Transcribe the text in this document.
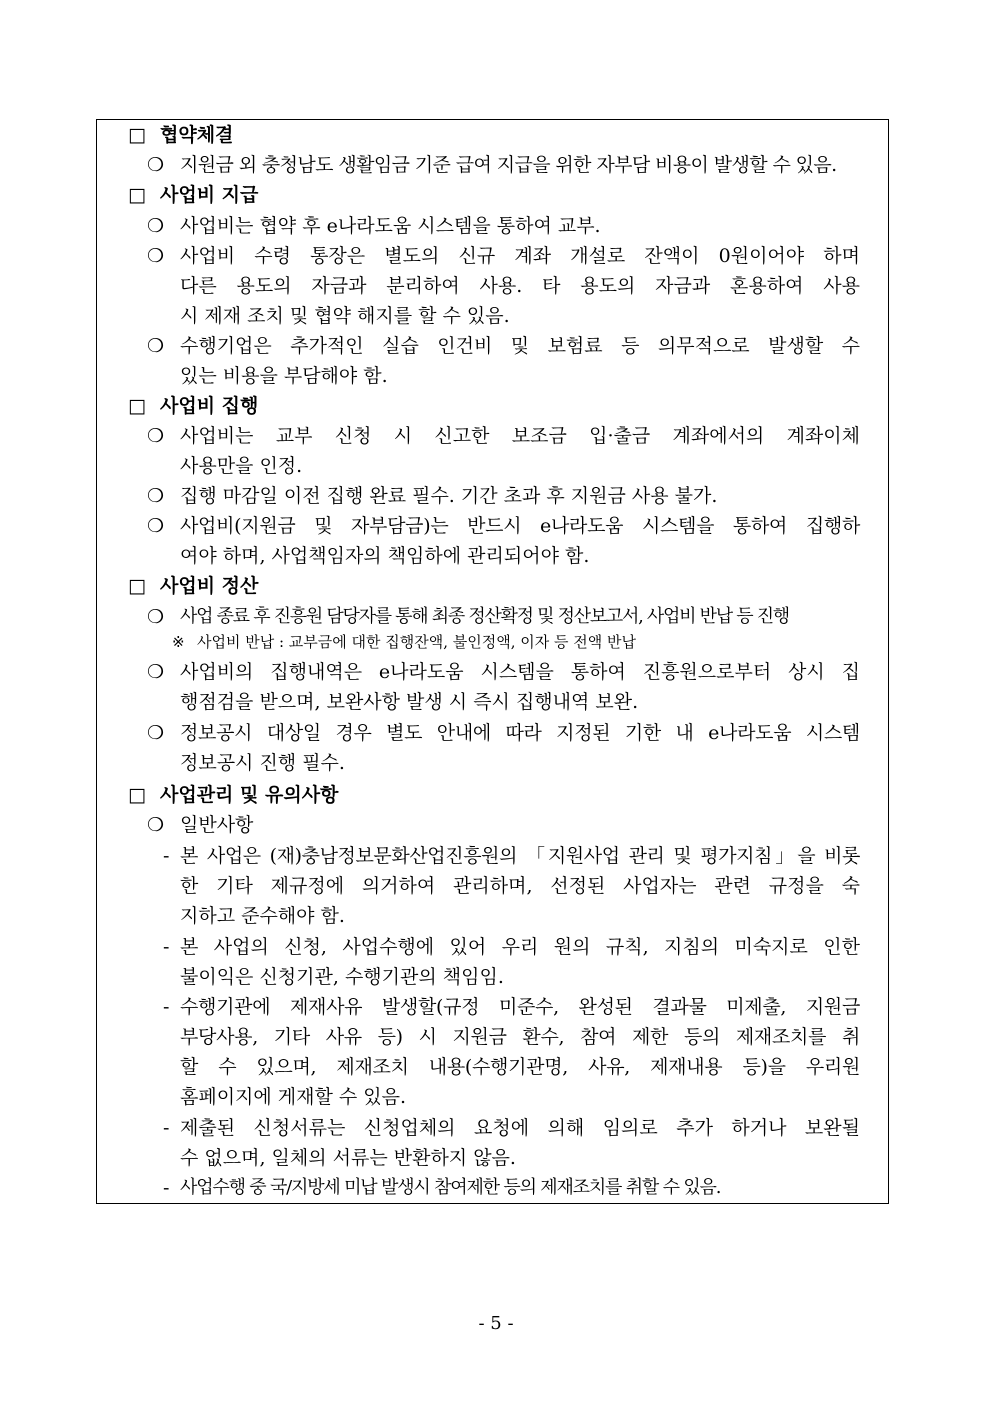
□ 협약체결
❍ 지원금 외 충청남도 생활임금 기준 급여 지급을 위한 자부담 비용이 발생할 수 있음.
□ 사업비 지급
❍ 사업비는 협약 후 e나라도움 시스템을 통하여 교부.
❍ 사업비 수령 통장은 별도의 신규 계좌 개설로 잔액이 0원이어야 하며
다른 용도의 자금과 분리하여 사용. 타 용도의 자금과 혼용하여 사용
시 제재 조치 및 협약 해지를 할 수 있음.
❍ 수행기업은 추가적인 실습 인건비 및 보험료 등 의무적으로 발생할 수
있는 비용을 부담해야 함.
□ 사업비 집행
❍ 사업비는 교부 신청 시 신고한 보조금 입·출금 계좌에서의 계좌이체
사용만을 인정.
❍ 집행 마감일 이전 집행 완료 필수. 기간 초과 후 지원금 사용 불가.
❍ 사업비(지원금 및 자부담금)는 반드시 e나라도움 시스템을 통하여 집행하
여야 하며, 사업책임자의 책임하에 관리되어야 함.
□ 사업비 정산
❍ 사업 종료 후 진흥원 담당자를 통해 최종 정산확정 및 정산보고서, 사업비 반납 등 진행
※ 사업비 반납 : 교부금에 대한 집행잔액, 불인정액, 이자 등 전액 반납
❍ 사업비의 집행내역은 e나라도움 시스템을 통하여 진흥원으로부터 상시 집
행점검을 받으며, 보완사항 발생 시 즉시 집행내역 보완.
❍ 정보공시 대상일 경우 별도 안내에 따라 지정된 기한 내 e나라도움 시스템
정보공시 진행 필수.
□ 사업관리 및 유의사항
❍ 일반사항
- 본 사업은 (재)충남정보문화산업진흥원의 「지원사업 관리 및 평가지침」을 비롯
한 기타 제규정에 의거하여 관리하며, 선정된 사업자는 관련 규정을 숙
지하고 준수해야 함.
- 본 사업의 신청, 사업수행에 있어 우리 원의 규칙, 지침의 미숙지로 인한
불이익은 신청기관, 수행기관의 책임임.
- 수행기관에 제재사유 발생할(규정 미준수, 완성된 결과물 미제출, 지원금
부당사용, 기타 사유 등) 시 지원금 환수, 참여 제한 등의 제재조치를 취
할 수 있으며, 제재조치 내용(수행기관명, 사유, 제재내용 등)을 우리원
홈페이지에 게재할 수 있음.
- 제출된 신청서류는 신청업체의 요청에 의해 임의로 추가 하거나 보완될
수 없으며, 일체의 서류는 반환하지 않음.
- 사업수행 중 국/지방세 미납 발생시 참여제한 등의 제재조치를 취할 수 있음.
- 5 -
